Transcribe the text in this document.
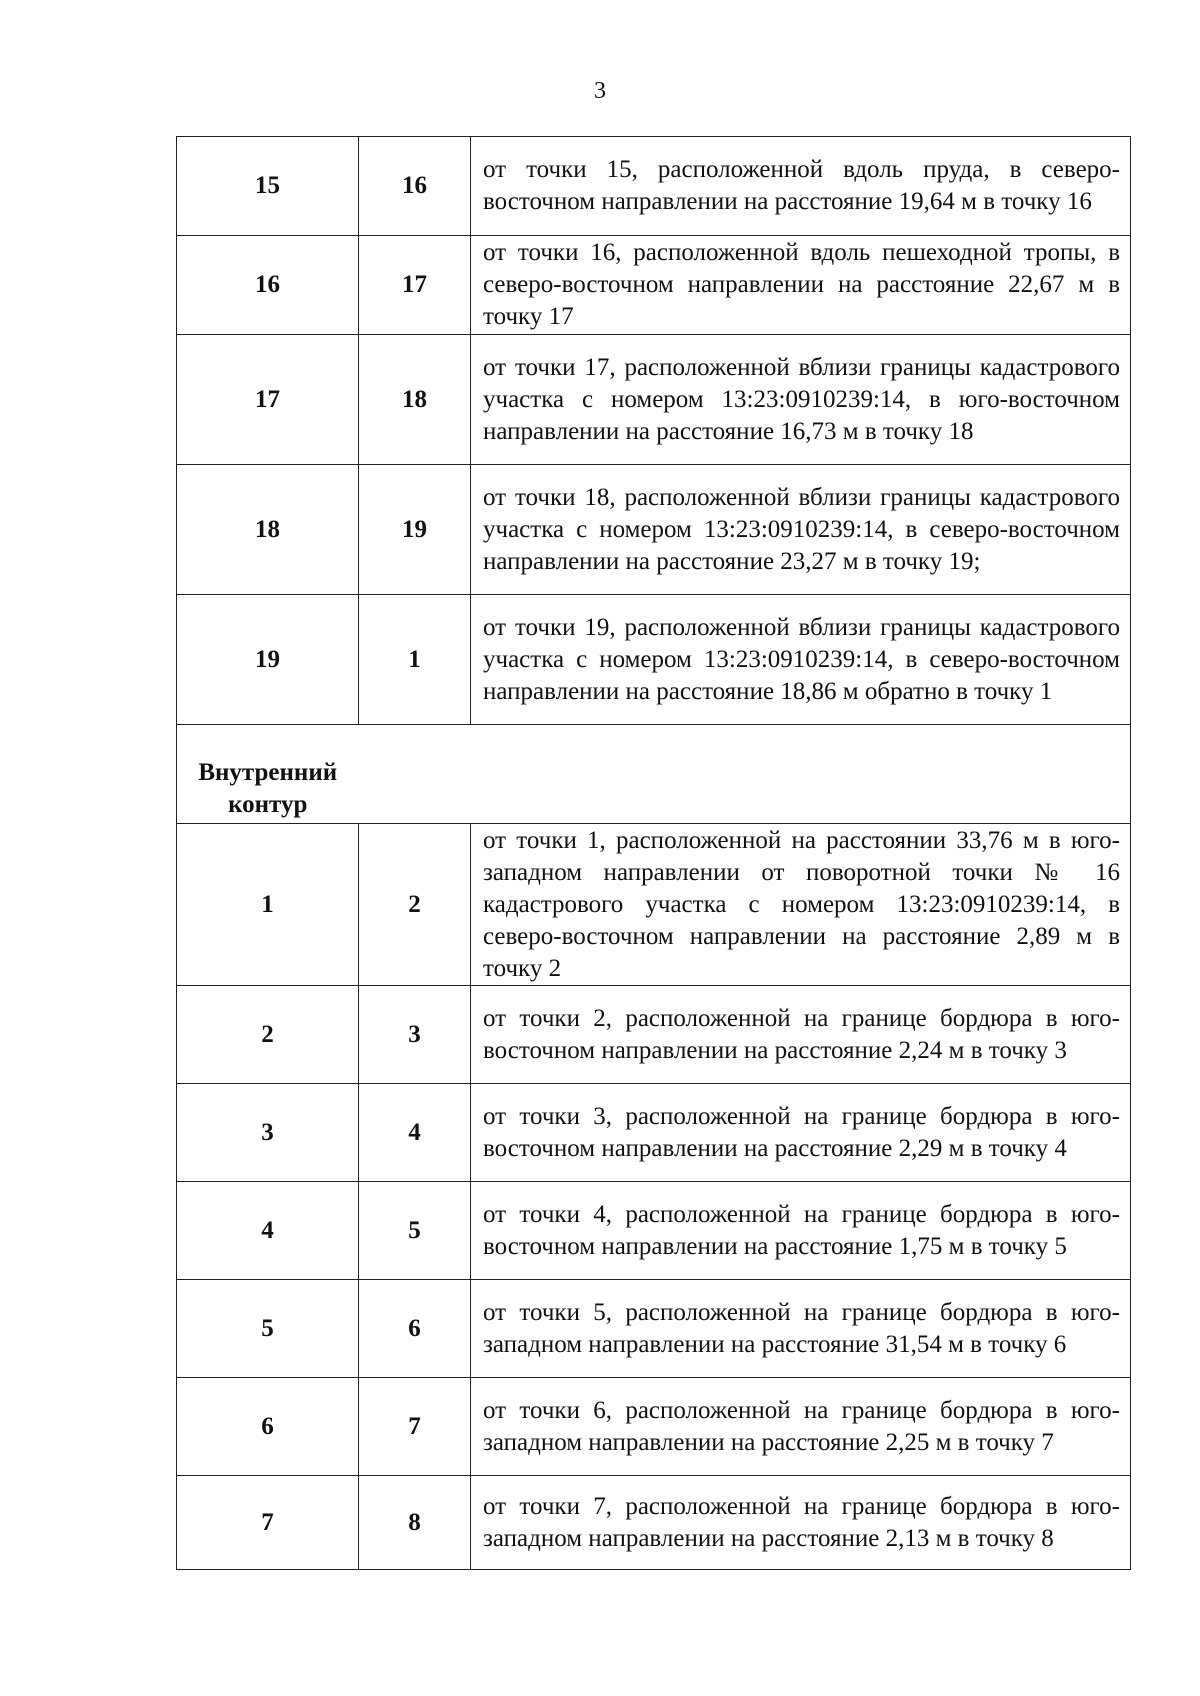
3
15	16	от точки 15, расположенной вдоль пруда, в северо-восточном направлении на расстояние 19,64 м в точку 16
16	17	от точки 16, расположенной вдоль пешеходной тропы, в северо-восточном направлении на расстояние 22,67 м в точку 17
17	18	от точки 17, расположенной вблизи границы кадастрового участка с номером 13:23:0910239:14, в юго-восточном направлении на расстояние 16,73 м в точку 18
18	19	от точки 18, расположенной вблизи границы кадастрового участка с номером 13:23:0910239:14, в северо-восточном направлении на расстояние 23,27 м в точку 19;
19	1	от точки 19, расположенной вблизи границы кадастрового участка с номером 13:23:0910239:14, в северо-восточном направлении на расстояние 18,86 м обратно в точку 1
Внутренний контур		
1	2	от точки 1, расположенной на расстоянии 33,76 м в юго-западном направлении от поворотной точки № 16 кадастрового участка с номером 13:23:0910239:14, в северо-восточном направлении на расстояние 2,89 м в точку 2
2	3	от точки 2, расположенной на границе бордюра в юго-восточном направлении на расстояние 2,24 м в точку 3
3	4	от точки 3, расположенной на границе бордюра в юго-восточном направлении на расстояние 2,29 м в точку 4
4	5	от точки 4, расположенной на границе бордюра в юго-восточном направлении на расстояние 1,75 м в точку 5
5	6	от точки 5, расположенной на границе бордюра в юго-западном направлении на расстояние 31,54 м в точку 6
6	7	от точки 6, расположенной на границе бордюра в юго-западном направлении на расстояние 2,25 м в точку 7
7	8	от точки 7, расположенной на границе бордюра в юго-западном направлении на расстояние 2,13 м в точку 8
